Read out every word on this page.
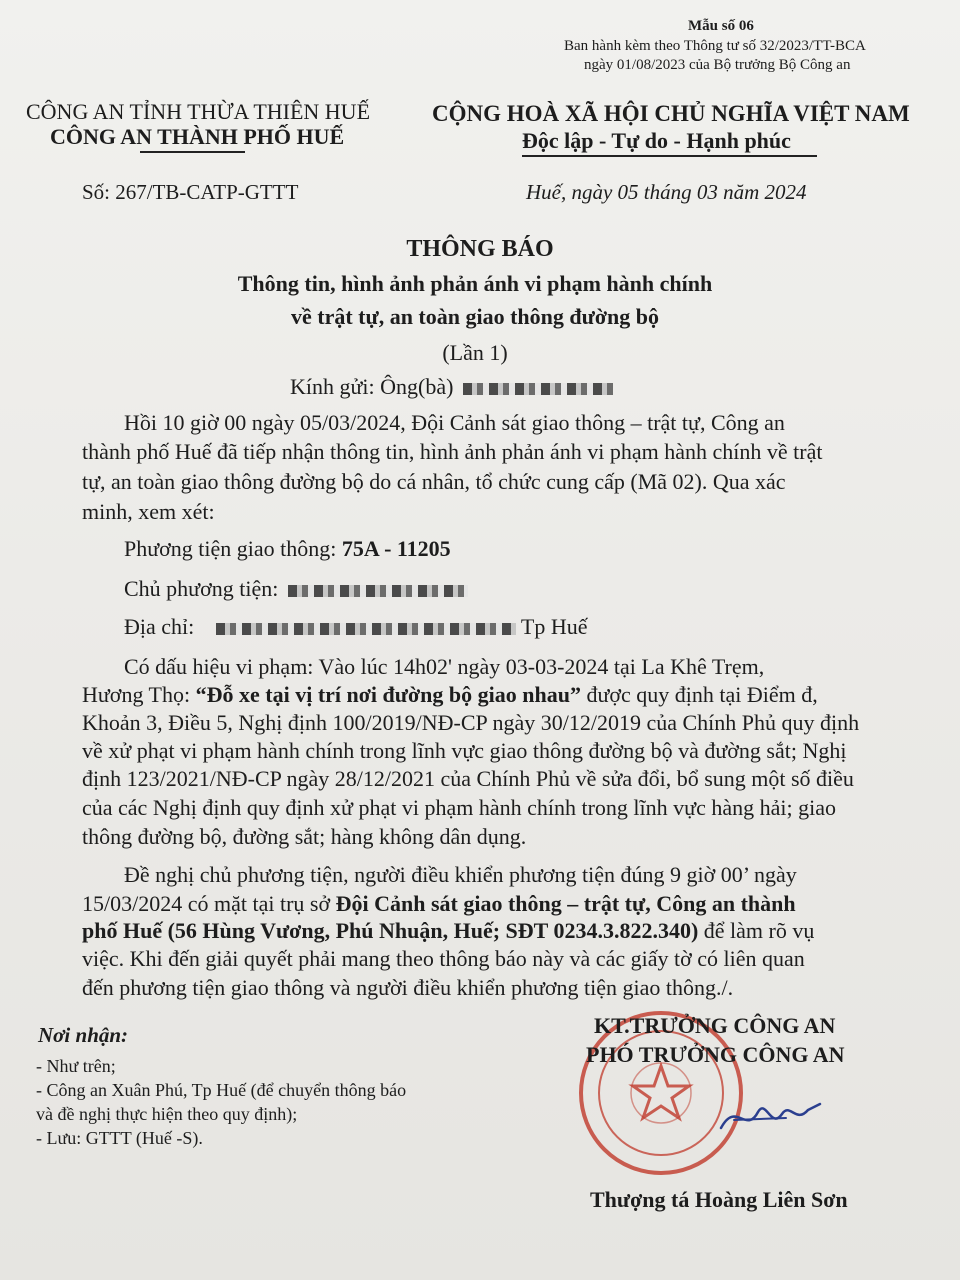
Mẫu số 06
Ban hành kèm theo Thông tư số 32/2023/TT-BCA
ngày 01/08/2023 của Bộ trưởng Bộ Công an
CÔNG AN TỈNH THỪA THIÊN HUẾ
CÔNG AN THÀNH PHỐ HUẾ
CỘNG HOÀ XÃ HỘI CHỦ NGHĨA VIỆT NAM
Độc lập - Tự do - Hạnh phúc
Số: 267/TB-CATP-GTTT	Huế, ngày 05 tháng 03 năm 2024
THÔNG BÁO
Thông tin, hình ảnh phản ánh vi phạm hành chính
về trật tự, an toàn giao thông đường bộ
(Lần 1)
Kính gửi: Ông(bà)
Hồi 10 giờ 00 ngày 05/03/2024, Đội Cảnh sát giao thông – trật tự, Công an
thành phố Huế đã tiếp nhận thông tin, hình ảnh phản ánh vi phạm hành chính về trật
tự, an toàn giao thông đường bộ do cá nhân, tổ chức cung cấp (Mã 02). Qua xác
minh, xem xét:
Phương tiện giao thông: 75A - 11205
Chủ phương tiện:
Địa chỉ:	Tp Huế
Có dấu hiệu vi phạm: Vào lúc 14h02' ngày 03-03-2024 tại La Khê Trẹm,
Hương Thọ: “Đỗ xe tại vị trí nơi đường bộ giao nhau” được quy định tại Điểm đ,
Khoản 3, Điều 5, Nghị định 100/2019/NĐ-CP ngày 30/12/2019 của Chính Phủ quy định
về xử phạt vi phạm hành chính trong lĩnh vực giao thông đường bộ và đường sắt; Nghị
định 123/2021/NĐ-CP ngày 28/12/2021 của Chính Phủ về sửa đổi, bổ sung một số điều
của các Nghị định quy định xử phạt vi phạm hành chính trong lĩnh vực hàng hải; giao
thông đường bộ, đường sắt; hàng không dân dụng.
Đề nghị chủ phương tiện, người điều khiển phương tiện đúng 9 giờ 00’ ngày
15/03/2024 có mặt tại trụ sở Đội Cảnh sát giao thông – trật tự, Công an thành
phố Huế (56 Hùng Vương, Phú Nhuận, Huế; SĐT 0234.3.822.340) để làm rõ vụ
việc. Khi đến giải quyết phải mang theo thông báo này và các giấy tờ có liên quan
đến phương tiện giao thông và người điều khiển phương tiện giao thông./.
Nơi nhận:
- Như trên;
- Công an Xuân Phú, Tp Huế (để chuyển thông báo
và đề nghị thực hiện theo quy định);
- Lưu: GTTT (Huế -S).
KT.TRƯỞNG CÔNG AN
PHÓ TRƯỞNG CÔNG AN
Thượng tá Hoàng Liên Sơn
